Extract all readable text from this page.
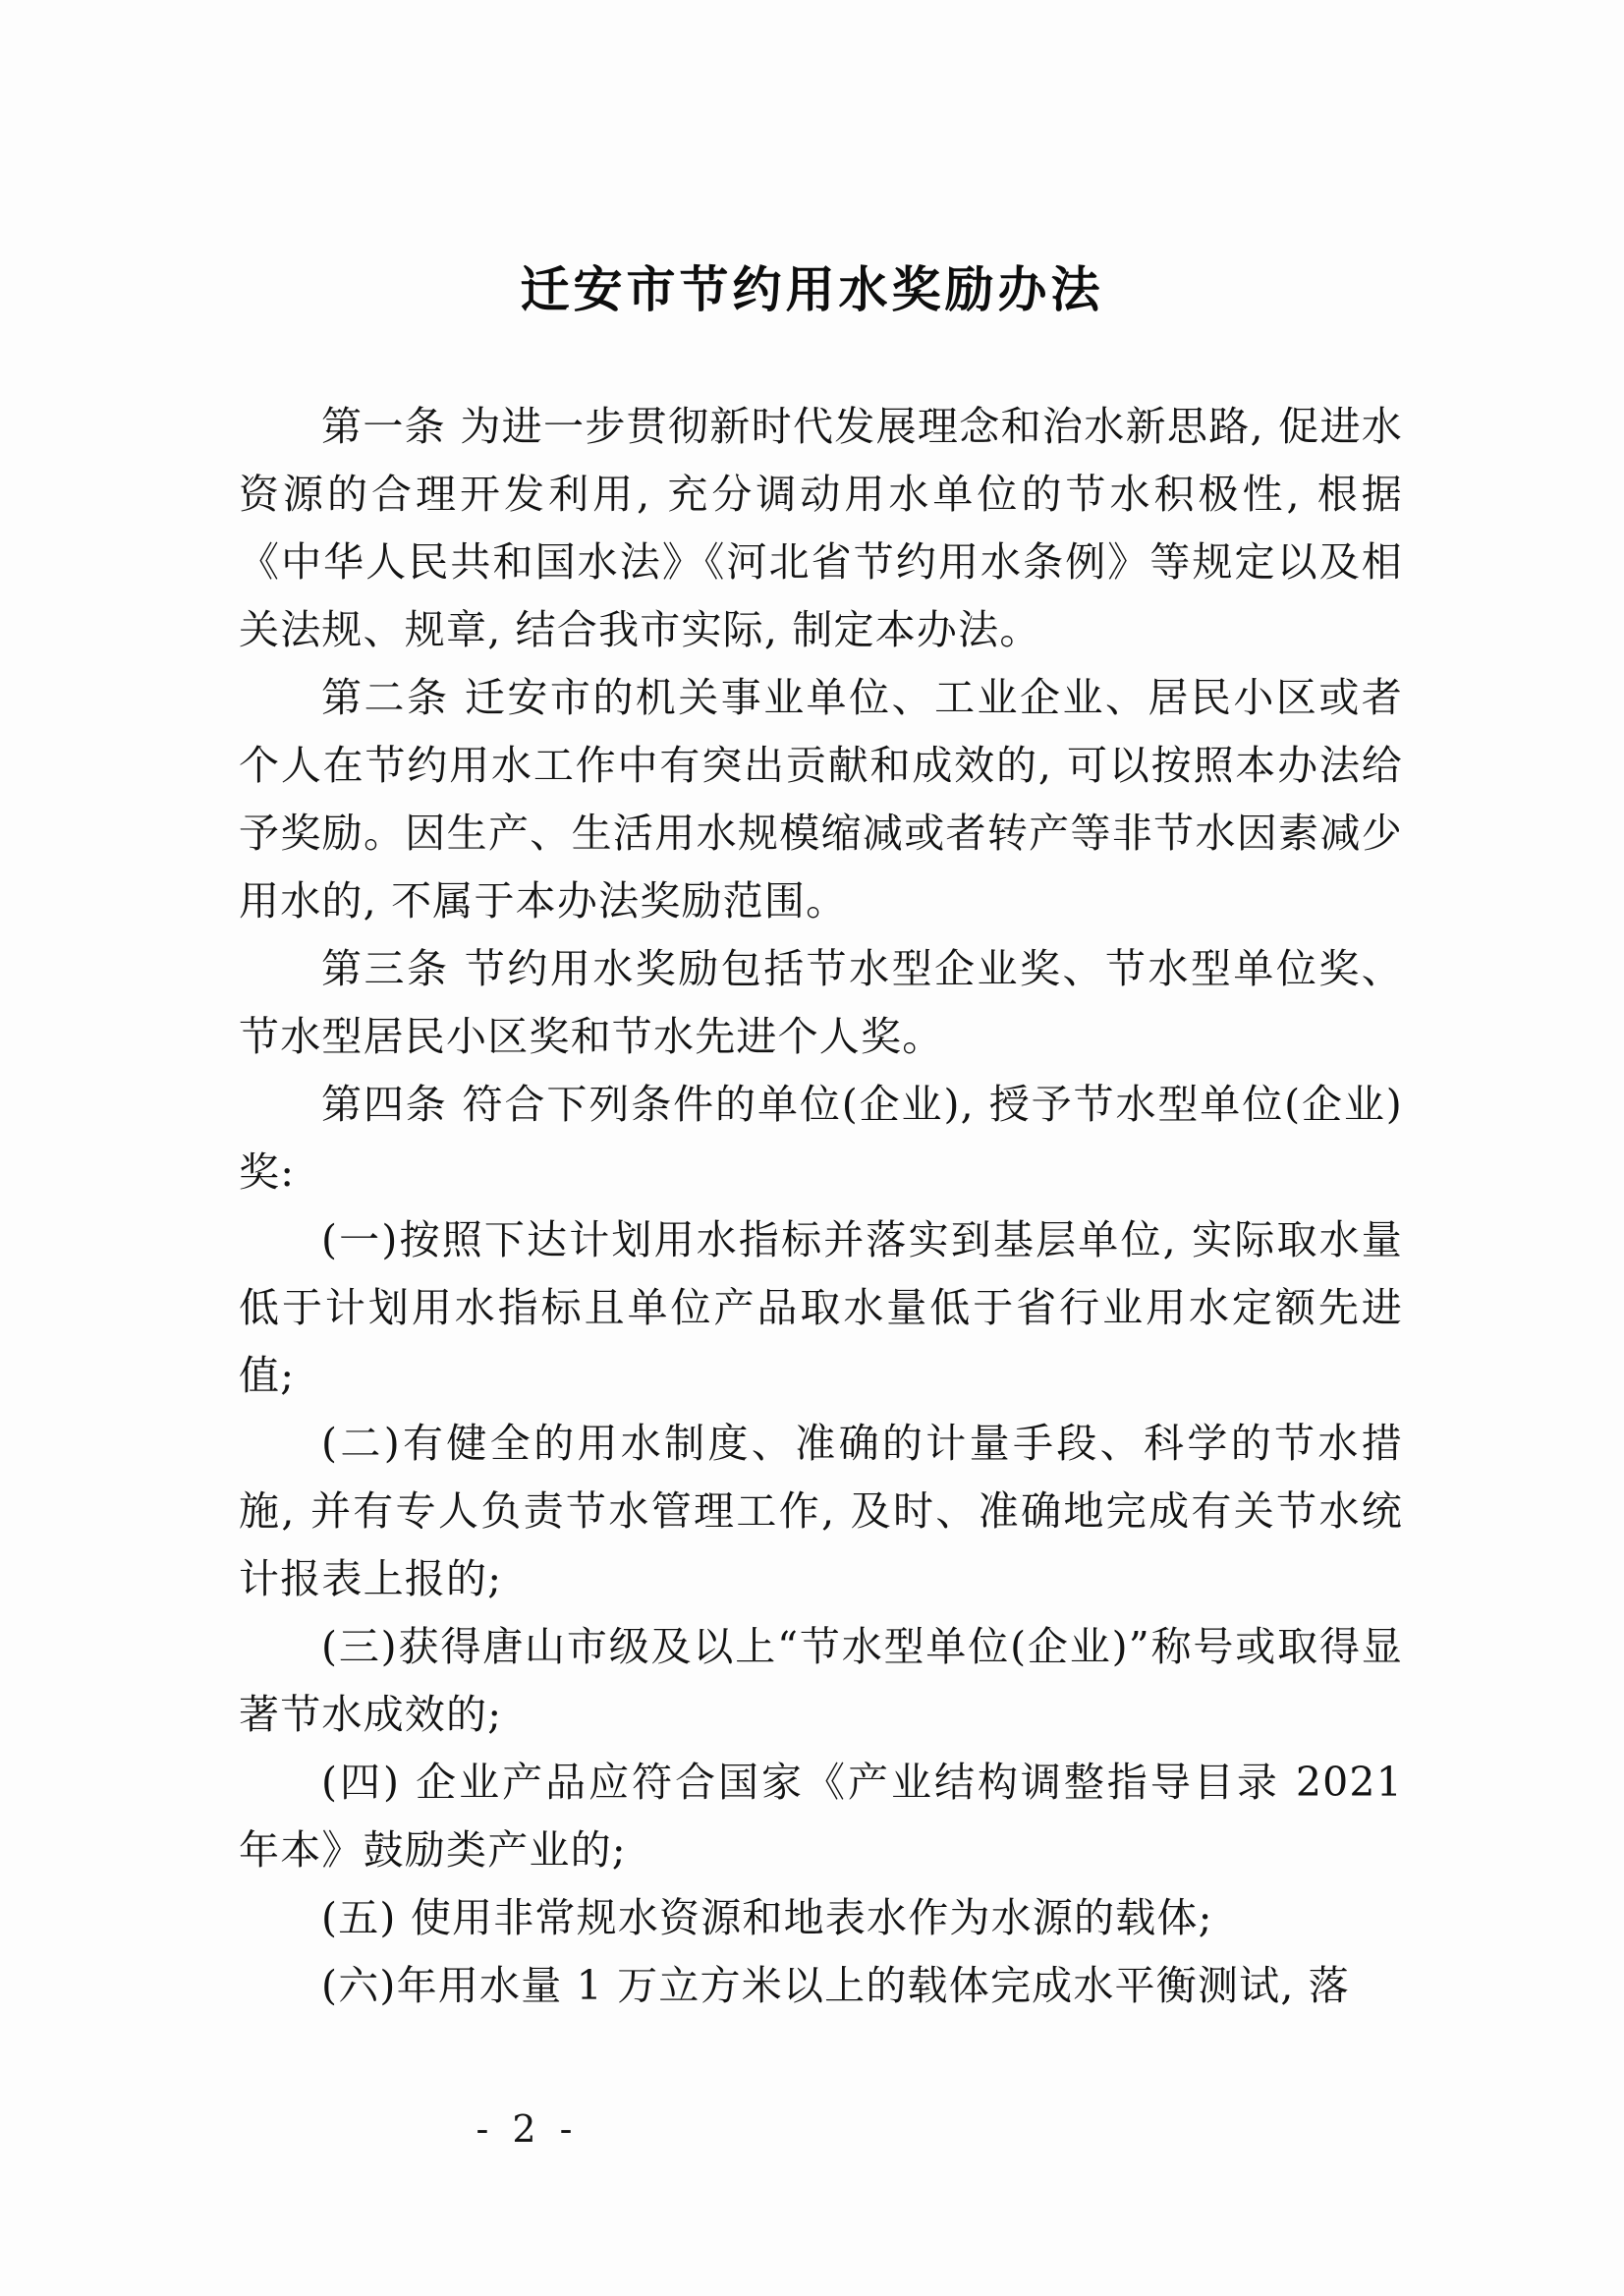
迁安市节约用水奖励办法

第一条 为进一步贯彻新时代发展理念和治水新思路, 促进水资源的合理开发利用, 充分调动用水单位的节水积极性, 根据《中华人民共和国水法》《河北省节约用水条例》等规定以及相关法规、规章, 结合我市实际, 制定本办法。

第二条 迁安市的机关事业单位、工业企业、居民小区或者个人在节约用水工作中有突出贡献和成效的, 可以按照本办法给予奖励。因生产、生活用水规模缩减或者转产等非节水因素减少用水的, 不属于本办法奖励范围。

第三条 节约用水奖励包括节水型企业奖、节水型单位奖、节水型居民小区奖和节水先进个人奖。

第四条 符合下列条件的单位(企业), 授予节水型单位(企业)奖:

(一)按照下达计划用水指标并落实到基层单位, 实际取水量低于计划用水指标且单位产品取水量低于省行业用水定额先进值;

(二)有健全的用水制度、准确的计量手段、科学的节水措施, 并有专人负责节水管理工作, 及时、准确地完成有关节水统计报表上报的;

(三)获得唐山市级及以上“节水型单位(企业)”称号或取得显著节水成效的;

(四) 企业产品应符合国家《产业结构调整指导目录 2021 年本》鼓励类产业的;

(五) 使用非常规水资源和地表水作为水源的载体;

(六)年用水量 1 万立方米以上的载体完成水平衡测试, 落

- 2 -
